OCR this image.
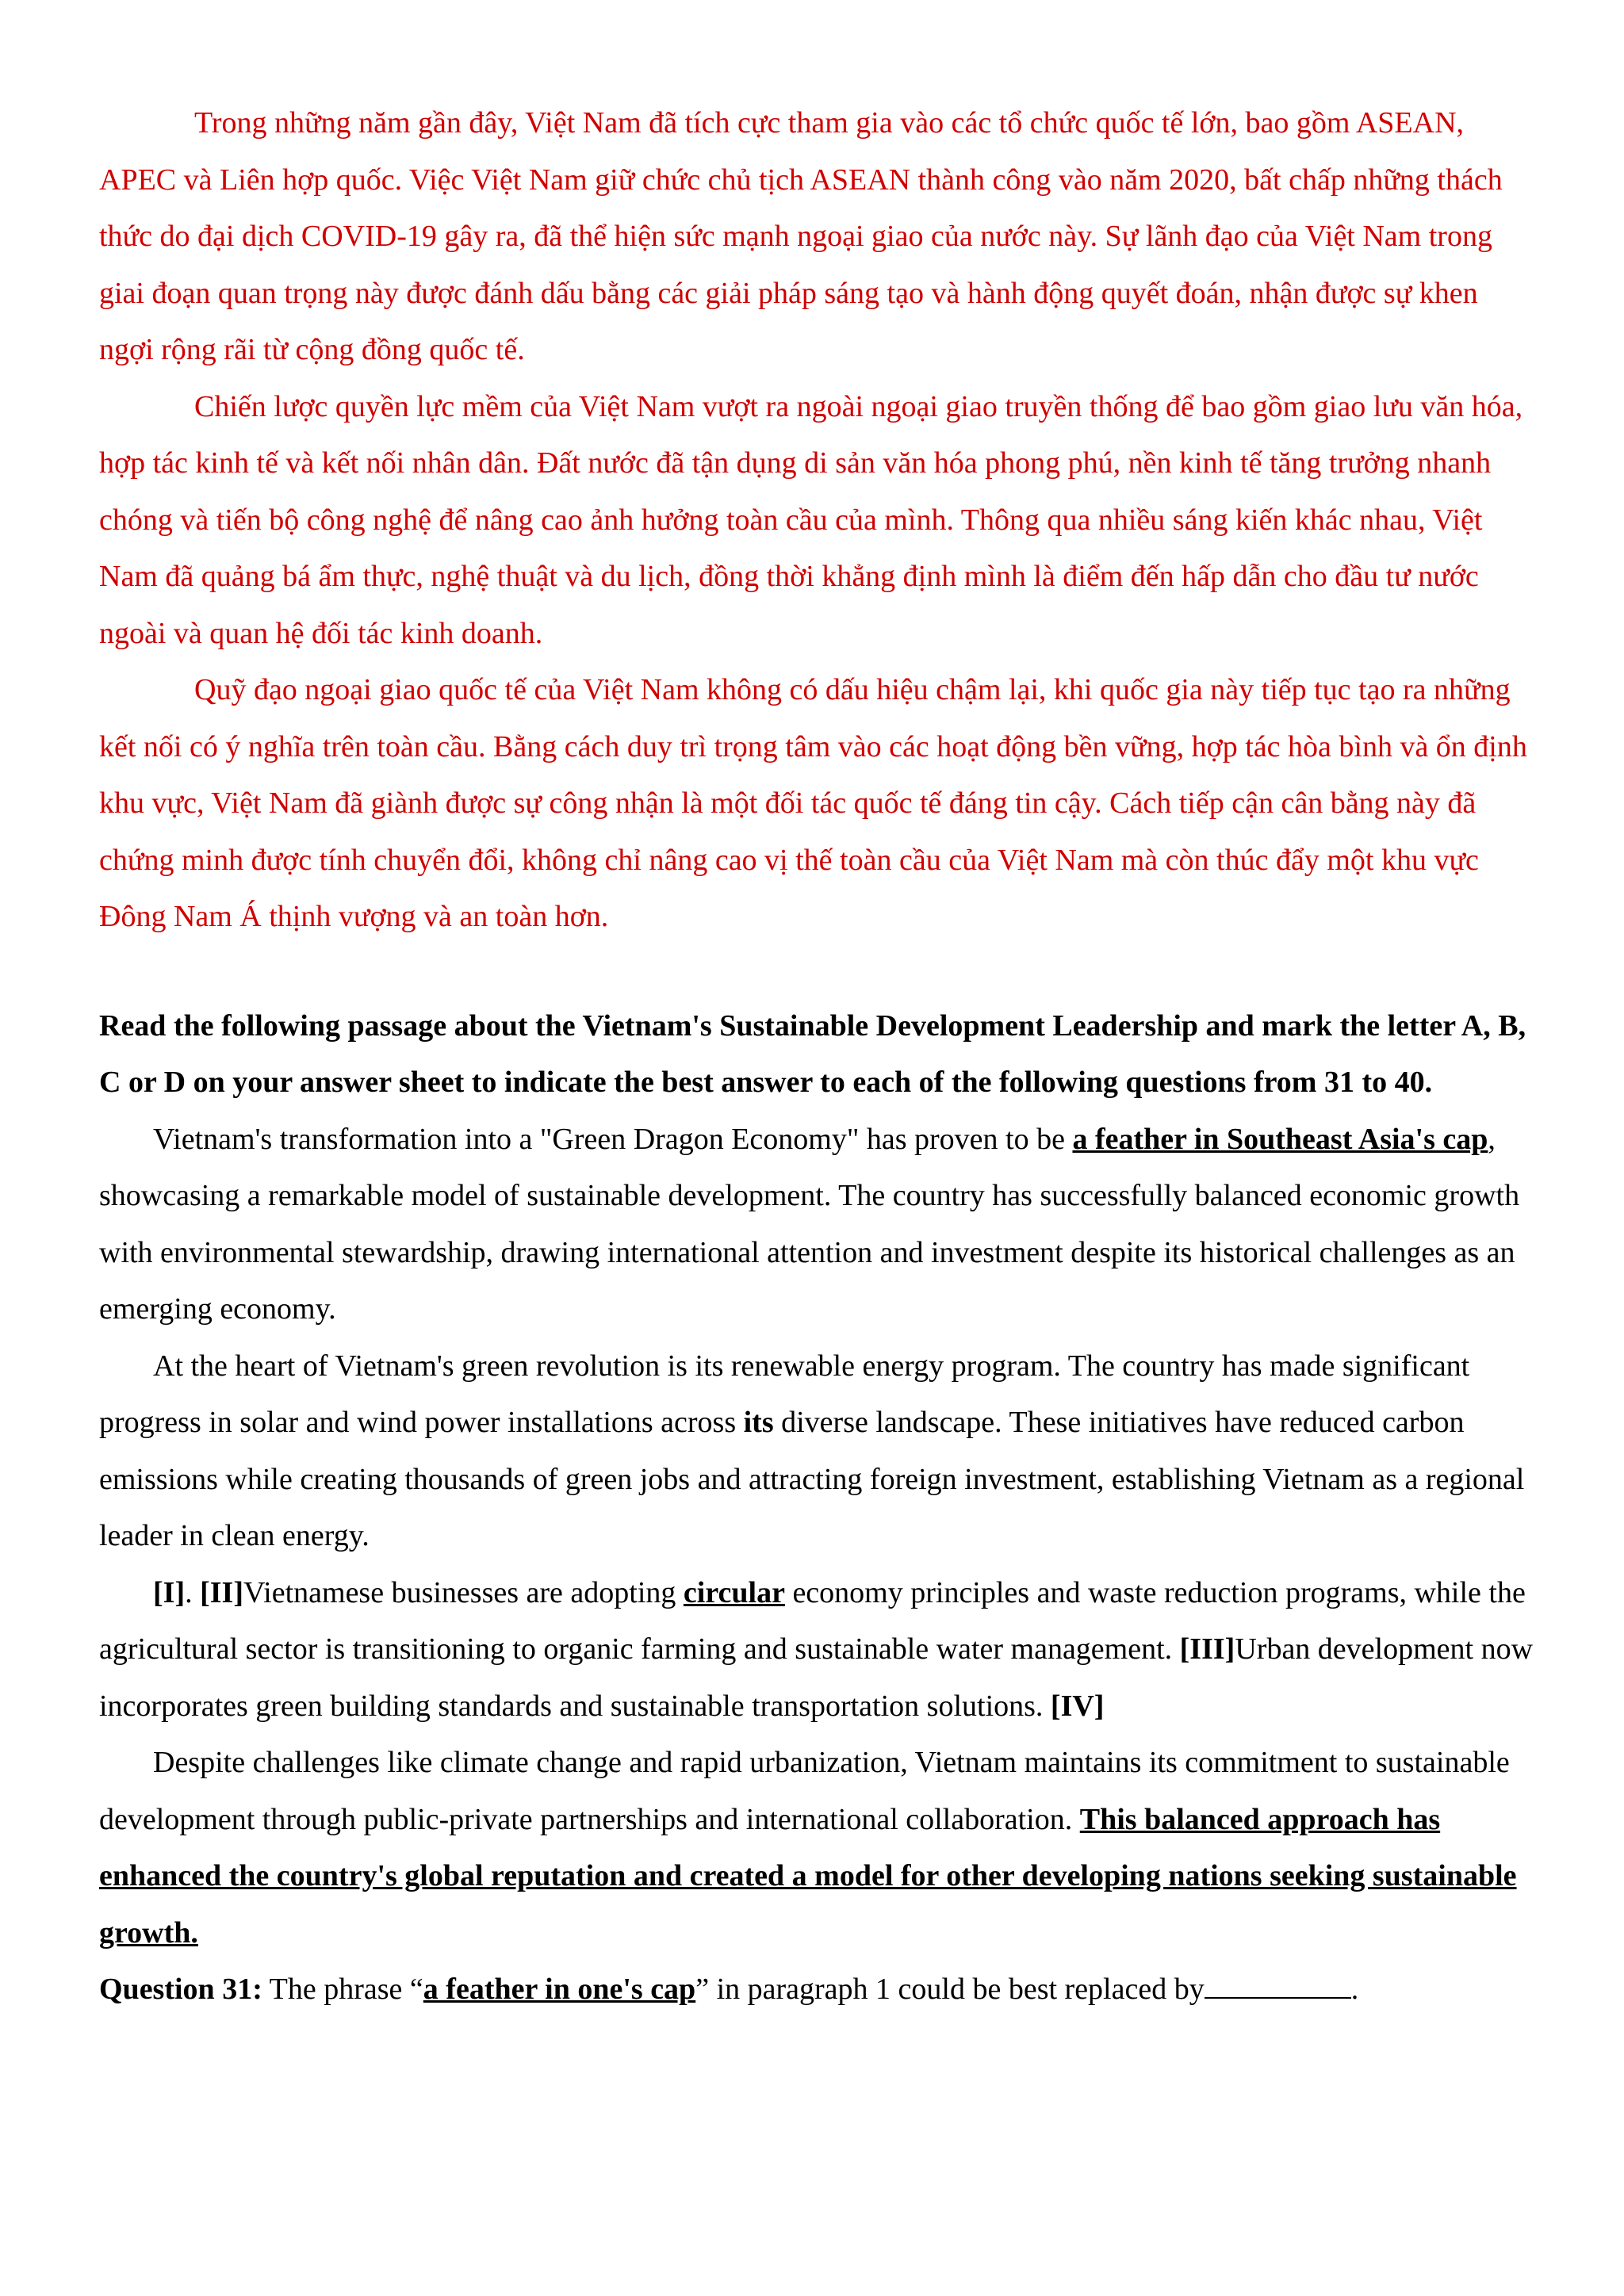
Trong những năm gần đây, Việt Nam đã tích cực tham gia vào các tổ chức quốc tế lớn, bao gồm ASEAN, APEC và Liên hợp quốc. Việc Việt Nam giữ chức chủ tịch ASEAN thành công vào năm 2020, bất chấp những thách thức do đại dịch COVID-19 gây ra, đã thể hiện sức mạnh ngoại giao của nước này. Sự lãnh đạo của Việt Nam trong giai đoạn quan trọng này được đánh dấu bằng các giải pháp sáng tạo và hành động quyết đoán, nhận được sự khen ngợi rộng rãi từ cộng đồng quốc tế.

Chiến lược quyền lực mềm của Việt Nam vượt ra ngoài ngoại giao truyền thống để bao gồm giao lưu văn hóa, hợp tác kinh tế và kết nối nhân dân. Đất nước đã tận dụng di sản văn hóa phong phú, nền kinh tế tăng trưởng nhanh chóng và tiến bộ công nghệ để nâng cao ảnh hưởng toàn cầu của mình. Thông qua nhiều sáng kiến khác nhau, Việt Nam đã quảng bá ẩm thực, nghệ thuật và du lịch, đồng thời khẳng định mình là điểm đến hấp dẫn cho đầu tư nước ngoài và quan hệ đối tác kinh doanh.

Quỹ đạo ngoại giao quốc tế của Việt Nam không có dấu hiệu chậm lại, khi quốc gia này tiếp tục tạo ra những kết nối có ý nghĩa trên toàn cầu. Bằng cách duy trì trọng tâm vào các hoạt động bền vững, hợp tác hòa bình và ổn định khu vực, Việt Nam đã giành được sự công nhận là một đối tác quốc tế đáng tin cậy. Cách tiếp cận cân bằng này đã chứng minh được tính chuyển đổi, không chỉ nâng cao vị thế toàn cầu của Việt Nam mà còn thúc đẩy một khu vực Đông Nam Á thịnh vượng và an toàn hơn.

Read the following passage about the Vietnam's Sustainable Development Leadership and mark the letter A, B, C or D on your answer sheet to indicate the best answer to each of the following questions from 31 to 40.

Vietnam's transformation into a "Green Dragon Economy" has proven to be a feather in Southeast Asia's cap, showcasing a remarkable model of sustainable development. The country has successfully balanced economic growth with environmental stewardship, drawing international attention and investment despite its historical challenges as an emerging economy.

At the heart of Vietnam's green revolution is its renewable energy program. The country has made significant progress in solar and wind power installations across its diverse landscape. These initiatives have reduced carbon emissions while creating thousands of green jobs and attracting foreign investment, establishing Vietnam as a regional leader in clean energy.

[I]. [II]Vietnamese businesses are adopting circular economy principles and waste reduction programs, while the agricultural sector is transitioning to organic farming and sustainable water management. [III]Urban development now incorporates green building standards and sustainable transportation solutions. [IV]

Despite challenges like climate change and rapid urbanization, Vietnam maintains its commitment to sustainable development through public-private partnerships and international collaboration. This balanced approach has enhanced the country's global reputation and created a model for other developing nations seeking sustainable growth.

Question 31: The phrase “a feather in one's cap” in paragraph 1 could be best replaced by	.
